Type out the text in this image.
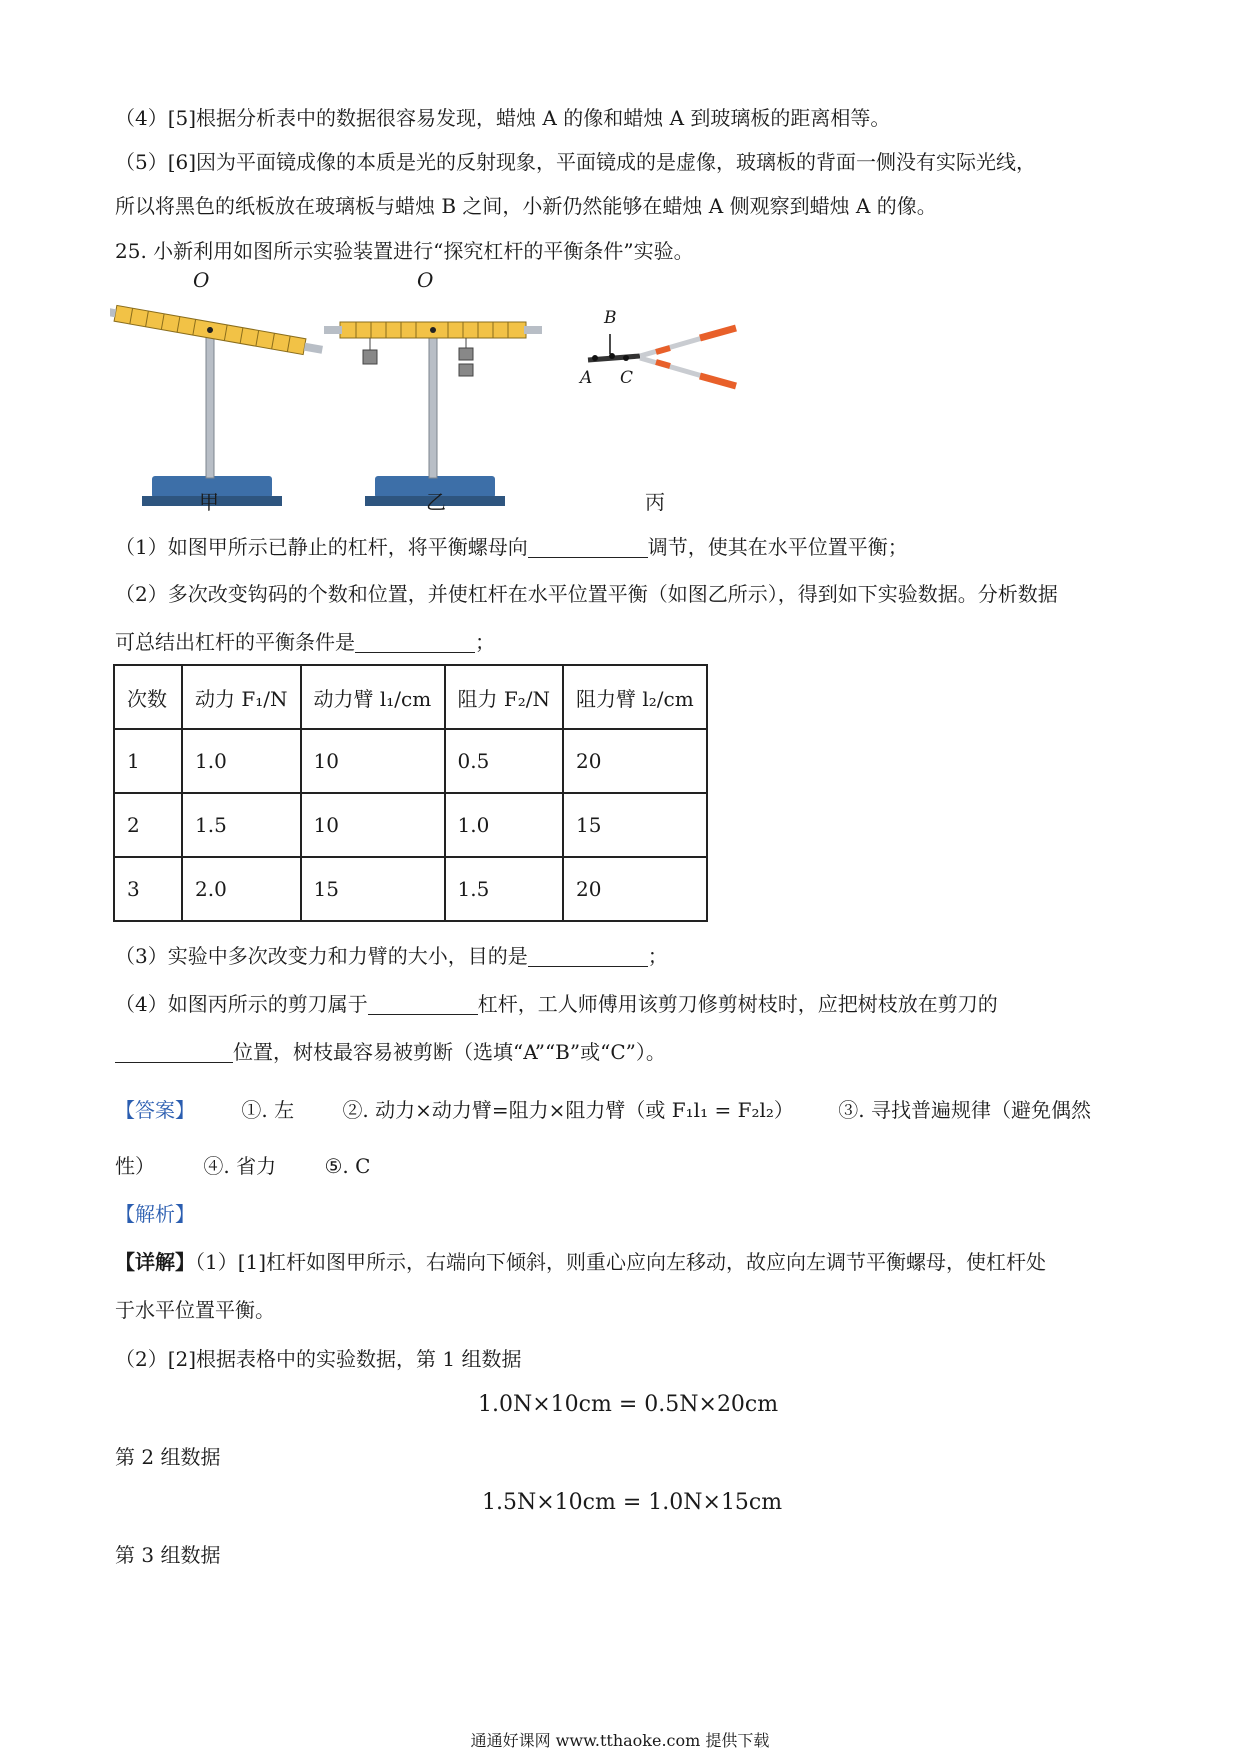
（4）[5]根据分析表中的数据很容易发现，蜡烛 A 的像和蜡烛 A 到玻璃板的距离相等。
（5）[6]因为平面镜成像的本质是光的反射现象，平面镜成的是虚像，玻璃板的背面一侧没有实际光线，
所以将黑色的纸板放在玻璃板与蜡烛 B 之间，小新仍然能够在蜡烛 A 侧观察到蜡烛 A 的像。
25. 小新利用如图所示实验装置进行“探究杠杆的平衡条件”实验。
O	O
甲	乙	丙
A
B
C
（1）如图甲所示已静止的杠杆，将平衡螺母向	调节，使其在水平位置平衡；
（2）多次改变钩码的个数和位置，并使杠杆在水平位置平衡（如图乙所示），得到如下实验数据。分析数据
可总结出杠杆的平衡条件是	；
次数	动力 F₁/N	动力臂 l₁/cm	阻力 F₂/N	阻力臂 l₂/cm
1	1.0	10	0.5	20
2	1.5	10	1.0	15
3	2.0	15	1.5	20
（3）实验中多次改变力和力臂的大小，目的是	；
（4）如图丙所示的剪刀属于	杠杆，工人师傅用该剪刀修剪树枝时，应把树枝放在剪刀的
位置，树枝最容易被剪断（选填“A”“B”或“C”）。
【答案】 ①. 左 ②. 动力×动力臂=阻力×阻力臂（或 F₁l₁ = F₂l₂） ③. 寻找普遍规律（避免偶然
性） ④. 省力 ⑤. C
【解析】
【详解】（1）[1]杠杆如图甲所示，右端向下倾斜，则重心应向左移动，故应向左调节平衡螺母，使杠杆处
于水平位置平衡。
（2）[2]根据表格中的实验数据，第 1 组数据
1.0N×10cm = 0.5N×20cm
第 2 组数据
1.5N×10cm = 1.0N×15cm
第 3 组数据
通通好课网 www.tthaoke.com 提供下载
